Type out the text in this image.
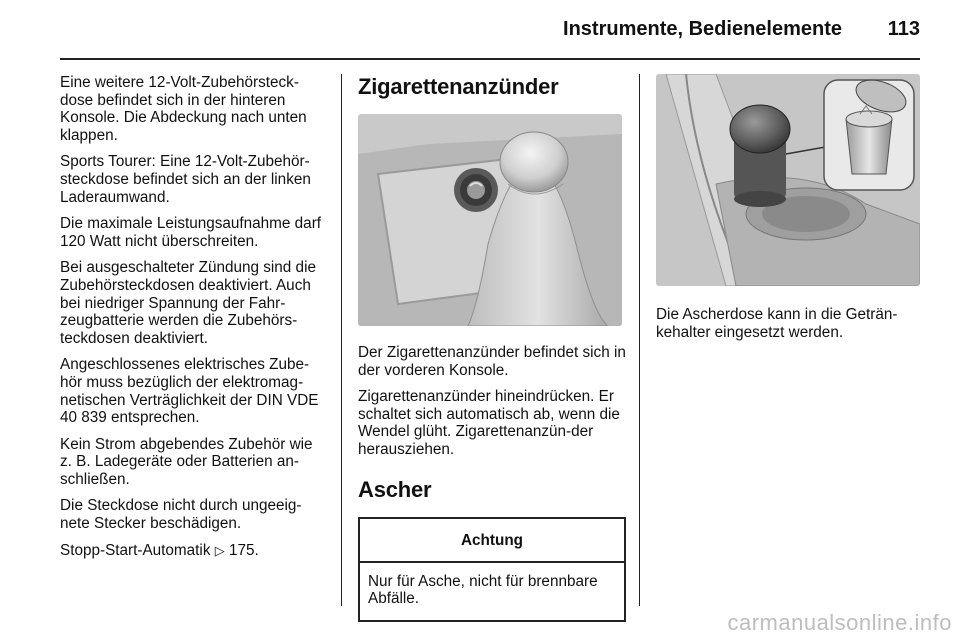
Instrumente, Bedienelemente 113

Eine weitere 12-Volt-Zubehörsteck-dose befindet sich in der hinteren Konsole. Die Abdeckung nach unten klappen.

Sports Tourer: Eine 12-Volt-Zubehör-steckdose befindet sich an der linken Laderaumwand.

Die maximale Leistungsaufnahme darf 120 Watt nicht überschreiten.

Bei ausgeschalteter Zündung sind die Zubehörsteckdosen deaktiviert. Auch bei niedriger Spannung der Fahr-zeugbatterie werden die Zubehörs-teckdosen deaktiviert.

Angeschlossenes elektrisches Zube-hör muss bezüglich der elektromag-netischen Verträglichkeit der DIN VDE 40 839 entsprechen.

Kein Strom abgebendes Zubehör wie z. B. Ladegeräte oder Batterien an-schließen.

Die Steckdose nicht durch ungeeig-nete Stecker beschädigen.

Stopp-Start-Automatik ▷ 175.

Zigarettenanzünder

Der Zigarettenanzünder befindet sich in der vorderen Konsole.

Zigarettenanzünder hineindrücken. Er schaltet sich automatisch ab, wenn die Wendel glüht. Zigarettenanzün-der herausziehen.

Ascher
Achtung
Nur für Asche, nicht für brennbare Abfälle.

Die Ascherdose kann in die Geträn-kehalter eingesetzt werden.

carmanualsonline.info
